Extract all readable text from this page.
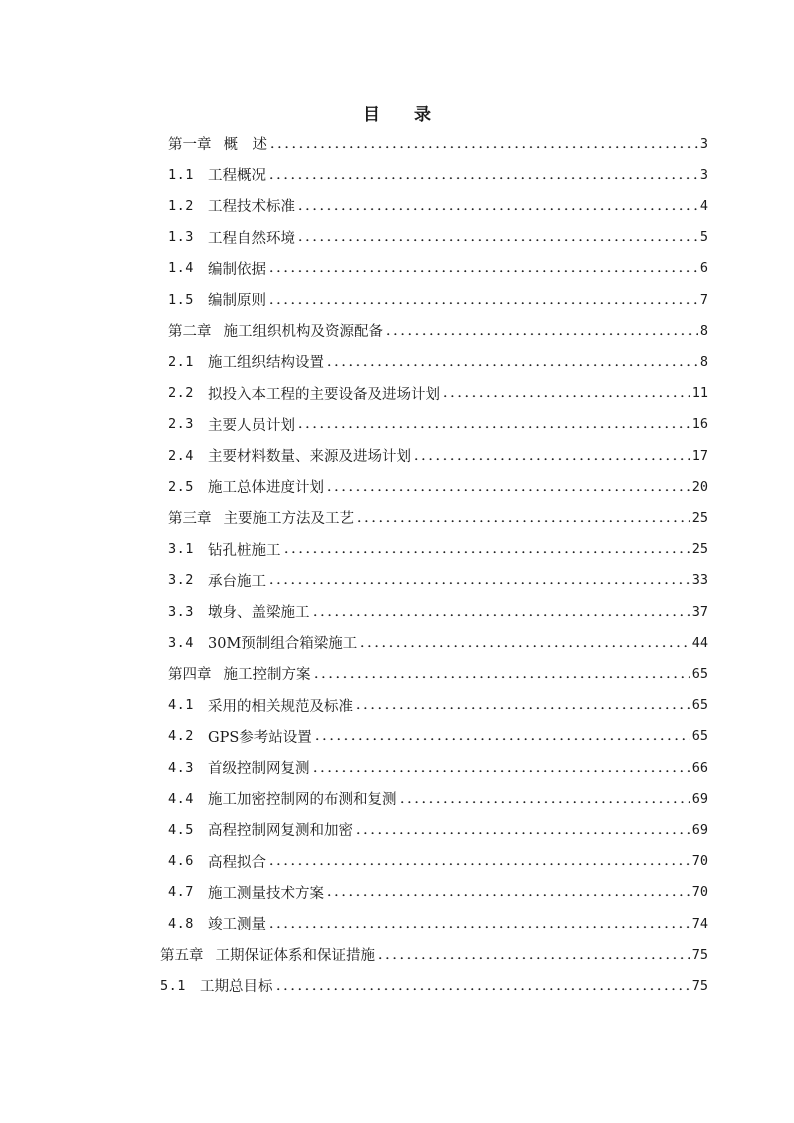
目 录
第一章 概　述	3
1.1 工程概况	3
1.2 工程技术标准	4
1.3 工程自然环境	5
1.4 编制依据	6
1.5 编制原则	7
第二章 施工组织机构及资源配备	8
2.1 施工组织结构设置	8
2.2 拟投入本工程的主要设备及进场计划	11
2.3 主要人员计划	16
2.4 主要材料数量、来源及进场计划	17
2.5 施工总体进度计划	20
第三章 主要施工方法及工艺	25
3.1 钻孔桩施工	25
3.2 承台施工	33
3.3 墩身、盖梁施工	37
3.4 30M预制组合箱梁施工	44
第四章 施工控制方案	65
4.1 采用的相关规范及标准	65
4.2 GPS参考站设置	65
4.3 首级控制网复测	66
4.4 施工加密控制网的布测和复测	69
4.5 高程控制网复测和加密	69
4.6 高程拟合	70
4.7 施工测量技术方案	70
4.8 竣工测量	74
第五章 工期保证体系和保证措施	75
5.1 工期总目标	75
